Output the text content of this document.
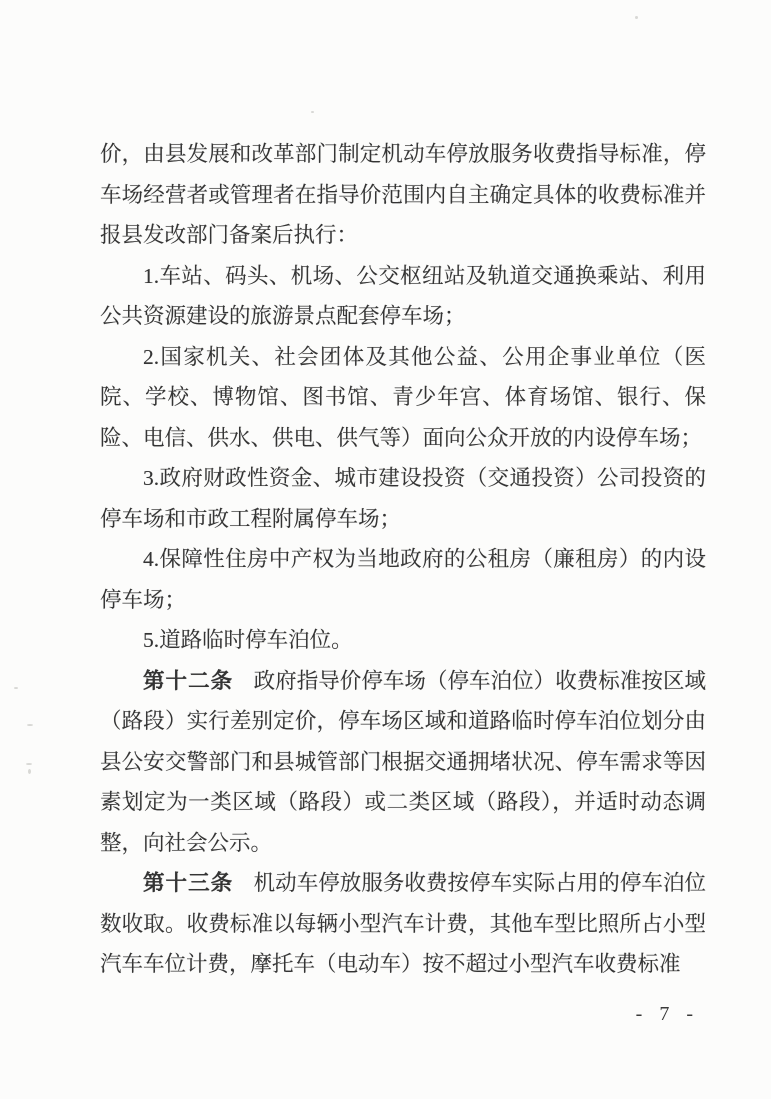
价，由县发展和改革部门制定机动车停放服务收费指导标准，停车场经营者或管理者在指导价范围内自主确定具体的收费标准并报县发改部门备案后执行：

1.车站、码头、机场、公交枢纽站及轨道交通换乘站、利用公共资源建设的旅游景点配套停车场；

2.国家机关、社会团体及其他公益、公用企事业单位（医院、学校、博物馆、图书馆、青少年宫、体育场馆、银行、保险、电信、供水、供电、供气等）面向公众开放的内设停车场；

3.政府财政性资金、城市建设投资（交通投资）公司投资的停车场和市政工程附属停车场；

4.保障性住房中产权为当地政府的公租房（廉租房）的内设停车场；

5.道路临时停车泊位。

第十二条 政府指导价停车场（停车泊位）收费标准按区域（路段）实行差别定价，停车场区域和道路临时停车泊位划分由县公安交警部门和县城管部门根据交通拥堵状况、停车需求等因素划定为一类区域（路段）或二类区域（路段），并适时动态调整，向社会公示。

第十三条 机动车停放服务收费按停车实际占用的停车泊位数收取。收费标准以每辆小型汽车计费，其他车型比照所占小型汽车车位计费，摩托车（电动车）按不超过小型汽车收费标准

- 7 -
